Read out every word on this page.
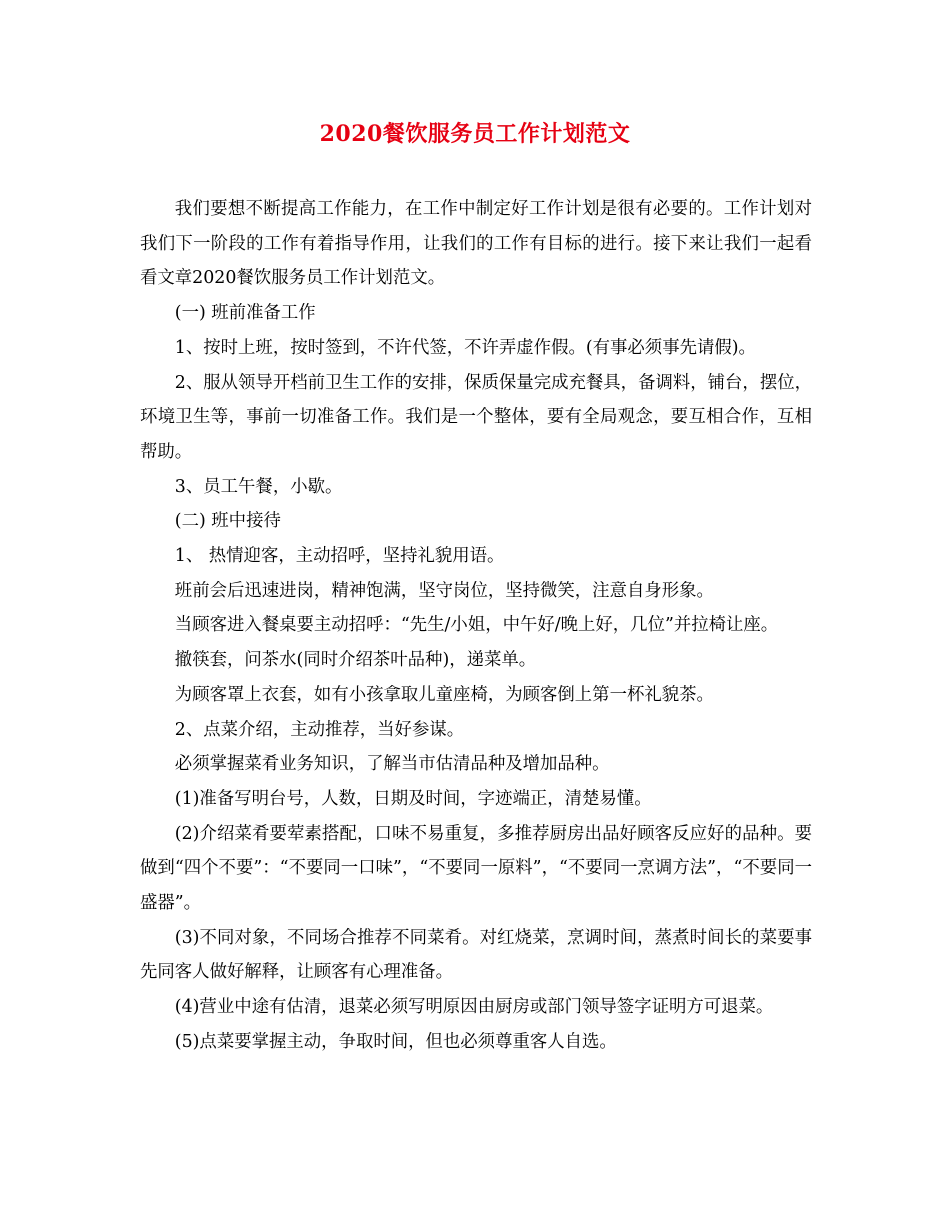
2020餐饮服务员工作计划范文

我们要想不断提高工作能力，在工作中制定好工作计划是很有必要的。工作计划对我们下一阶段的工作有着指导作用，让我们的工作有目标的进行。接下来让我们一起看看文章2020餐饮服务员工作计划范文。

(一) 班前准备工作

1、按时上班，按时签到，不许代签，不许弄虚作假。(有事必须事先请假)。

2、服从领导开档前卫生工作的安排，保质保量完成充餐具，备调料，铺台，摆位，环境卫生等，事前一切准备工作。我们是一个整体，要有全局观念，要互相合作，互相帮助。

3、员工午餐，小歇。

(二) 班中接待

1、 热情迎客，主动招呼，坚持礼貌用语。

班前会后迅速进岗，精神饱满，坚守岗位，坚持微笑，注意自身形象。

当顾客进入餐桌要主动招呼：“先生/小姐，中午好/晚上好，几位”并拉椅让座。

撤筷套，问茶水(同时介绍茶叶品种)，递菜单。

为顾客罩上衣套，如有小孩拿取儿童座椅，为顾客倒上第一杯礼貌茶。

2、点菜介绍，主动推荐，当好参谋。

必须掌握菜肴业务知识，了解当市估清品种及增加品种。

(1)准备写明台号，人数，日期及时间，字迹端正，清楚易懂。

(2)介绍菜肴要荤素搭配，口味不易重复，多推荐厨房出品好顾客反应好的品种。要做到“四个不要”：“不要同一口味”，“不要同一原料”，“不要同一烹调方法”，“不要同一盛器”。

(3)不同对象，不同场合推荐不同菜肴。对红烧菜，烹调时间，蒸煮时间长的菜要事先同客人做好解释，让顾客有心理准备。

(4)营业中途有估清，退菜必须写明原因由厨房或部门领导签字证明方可退菜。

(5)点菜要掌握主动，争取时间，但也必须尊重客人自选。
